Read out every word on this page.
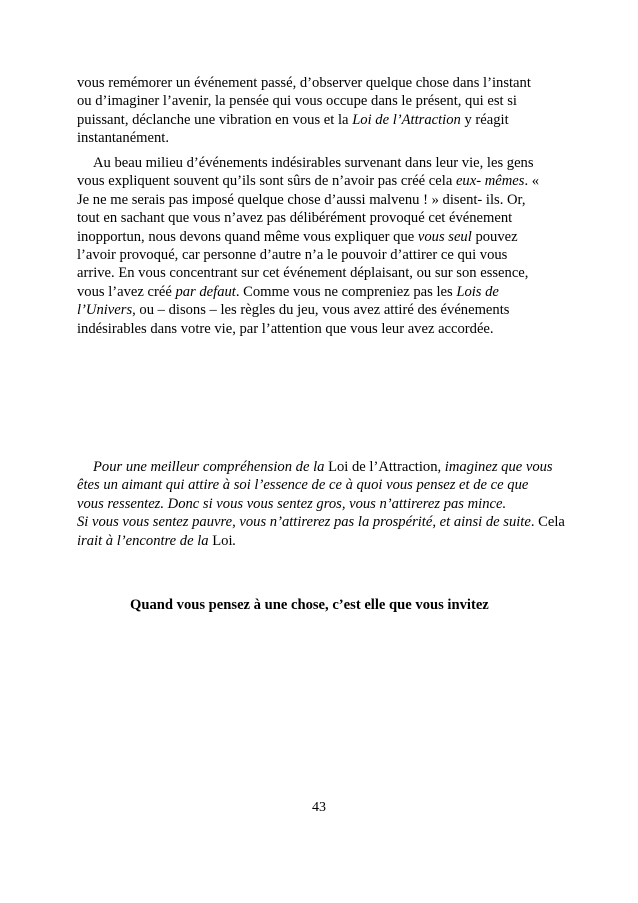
vous remémorer un événement passé, d’observer quelque chose dans l’instant
ou d’imaginer l’avenir, la pensée qui vous occupe dans le présent, qui est si
puissant, déclanche une vibration en vous et la Loi de l’Attraction y réagit
instantanément.
Au beau milieu d’événements indésirables survenant dans leur vie, les gens
vous expliquent souvent qu’ils sont sûrs de n’avoir pas créé cela eux- mêmes. «
Je ne me serais pas imposé quelque chose d’aussi malvenu ! » disent- ils. Or,
tout en sachant que vous n’avez pas délibérément provoqué cet événement
inopportun, nous devons quand même vous expliquer que vous seul pouvez
l’avoir provoqué, car personne d’autre n’a le pouvoir d’attirer ce qui vous
arrive. En vous concentrant sur cet événement déplaisant, ou sur son essence,
vous l’avez créé par defaut. Comme vous ne compreniez pas les Lois de
l’Univers, ou – disons – les règles du jeu, vous avez attiré des événements
indésirables dans votre vie, par l’attention que vous leur avez accordée.
Pour une meilleur compréhension de la Loi de l’Attraction, imaginez que vous
êtes un aimant qui attire à soi l’essence de ce à quoi vous pensez et de ce que
vous ressentez. Donc si vous vous sentez gros, vous n’attirerez pas mince.
Si vous vous sentez pauvre, vous n’attirerez pas la prospérité, et ainsi de suite. Cela
irait à l’encontre de la Loi.
Quand vous pensez à une chose, c’est elle que vous invitez
43
